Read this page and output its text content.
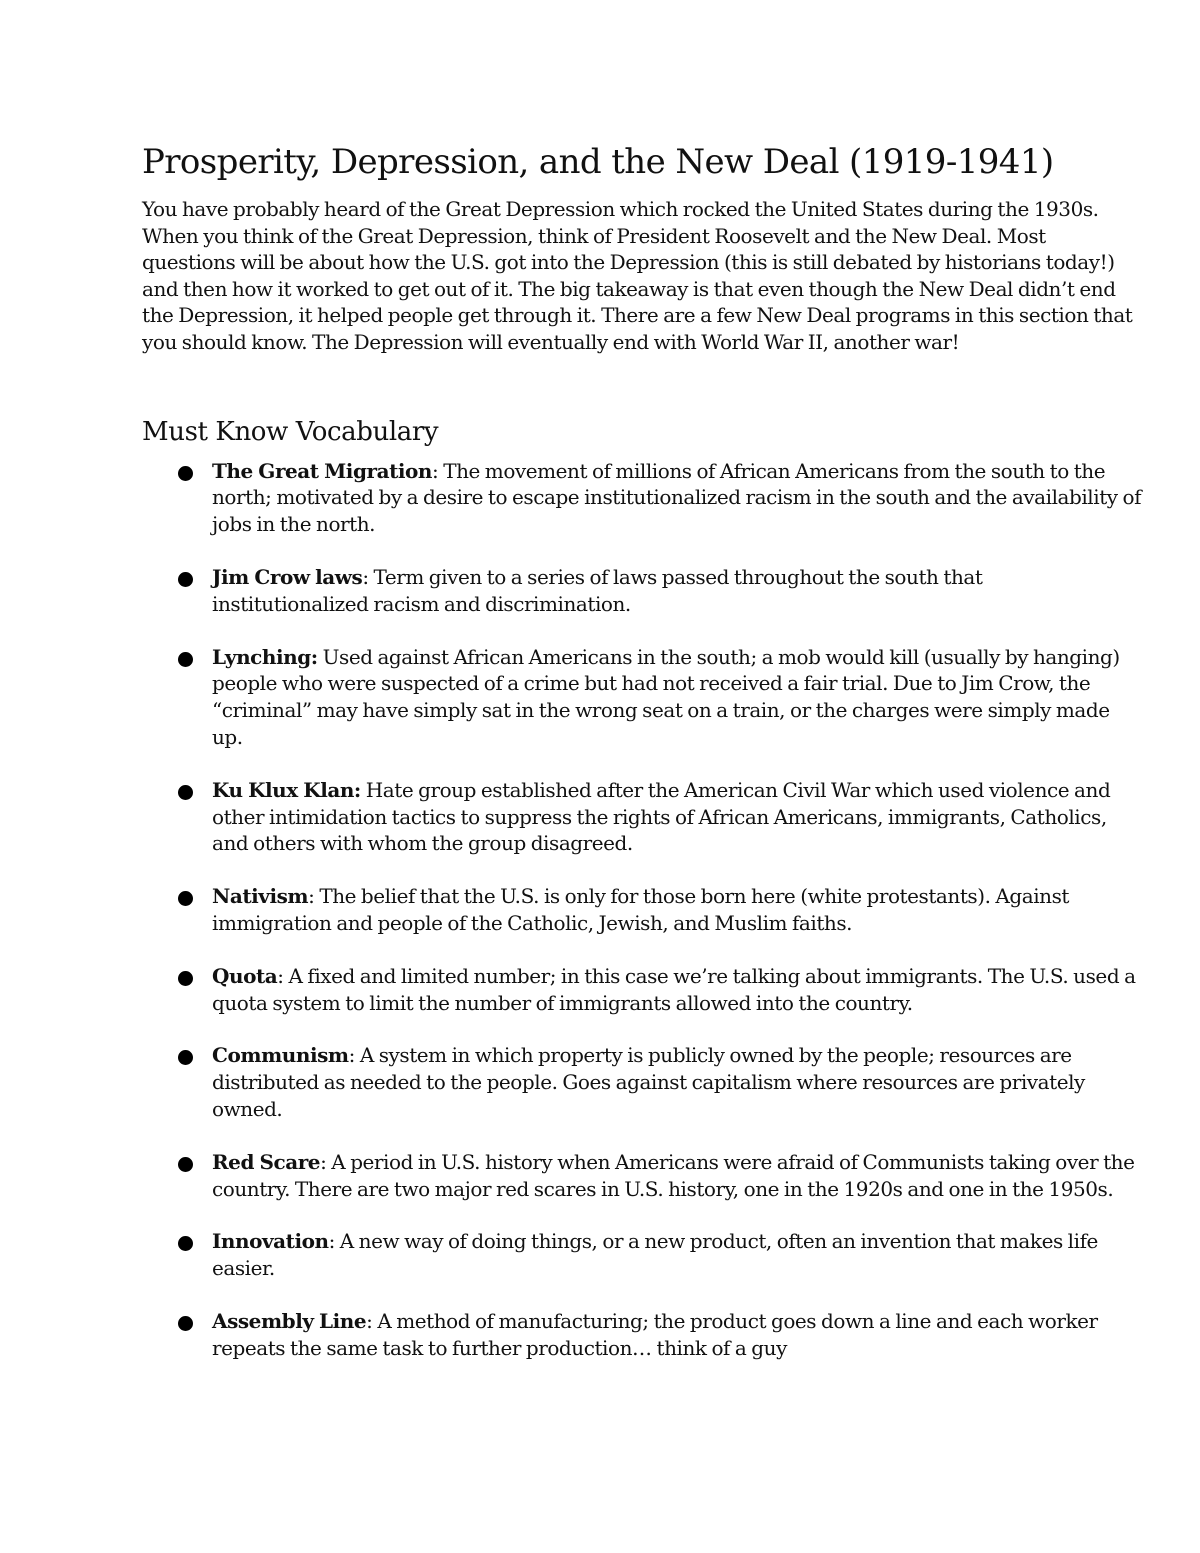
Prosperity, Depression, and the New Deal (1919-1941)

You have probably heard of the Great Depression which rocked the United States during the 1930s. When you think of the Great Depression, think of President Roosevelt and the New Deal. Most questions will be about how the U.S. got into the Depression (this is still debated by historians today!) and then how it worked to get out of it. The big takeaway is that even though the New Deal didn’t end the Depression, it helped people get through it. There are a few New Deal programs in this section that you should know. The Depression will eventually end with World War II, another war!

Must Know Vocabulary
The Great Migration: The movement of millions of African Americans from the south to the north; motivated by a desire to escape institutionalized racism in the south and the availability of jobs in the north.
Jim Crow laws: Term given to a series of laws passed throughout the south that institutionalized racism and discrimination.
Lynching: Used against African Americans in the south; a mob would kill (usually by hanging) people who were suspected of a crime but had not received a fair trial. Due to Jim Crow, the “criminal” may have simply sat in the wrong seat on a train, or the charges were simply made up.
Ku Klux Klan: Hate group established after the American Civil War which used violence and other intimidation tactics to suppress the rights of African Americans, immigrants, Catholics, and others with whom the group disagreed.
Nativism: The belief that the U.S. is only for those born here (white protestants). Against immigration and people of the Catholic, Jewish, and Muslim faiths.
Quota: A fixed and limited number; in this case we’re talking about immigrants. The U.S. used a quota system to limit the number of immigrants allowed into the country.
Communism: A system in which property is publicly owned by the people; resources are distributed as needed to the people. Goes against capitalism where resources are privately owned.
Red Scare: A period in U.S. history when Americans were afraid of Communists taking over the country. There are two major red scares in U.S. history, one in the 1920s and one in the 1950s.
Innovation: A new way of doing things, or a new product, often an invention that makes life easier.
Assembly Line: A method of manufacturing; the product goes down a line and each worker repeats the same task to further production… think of a guy
